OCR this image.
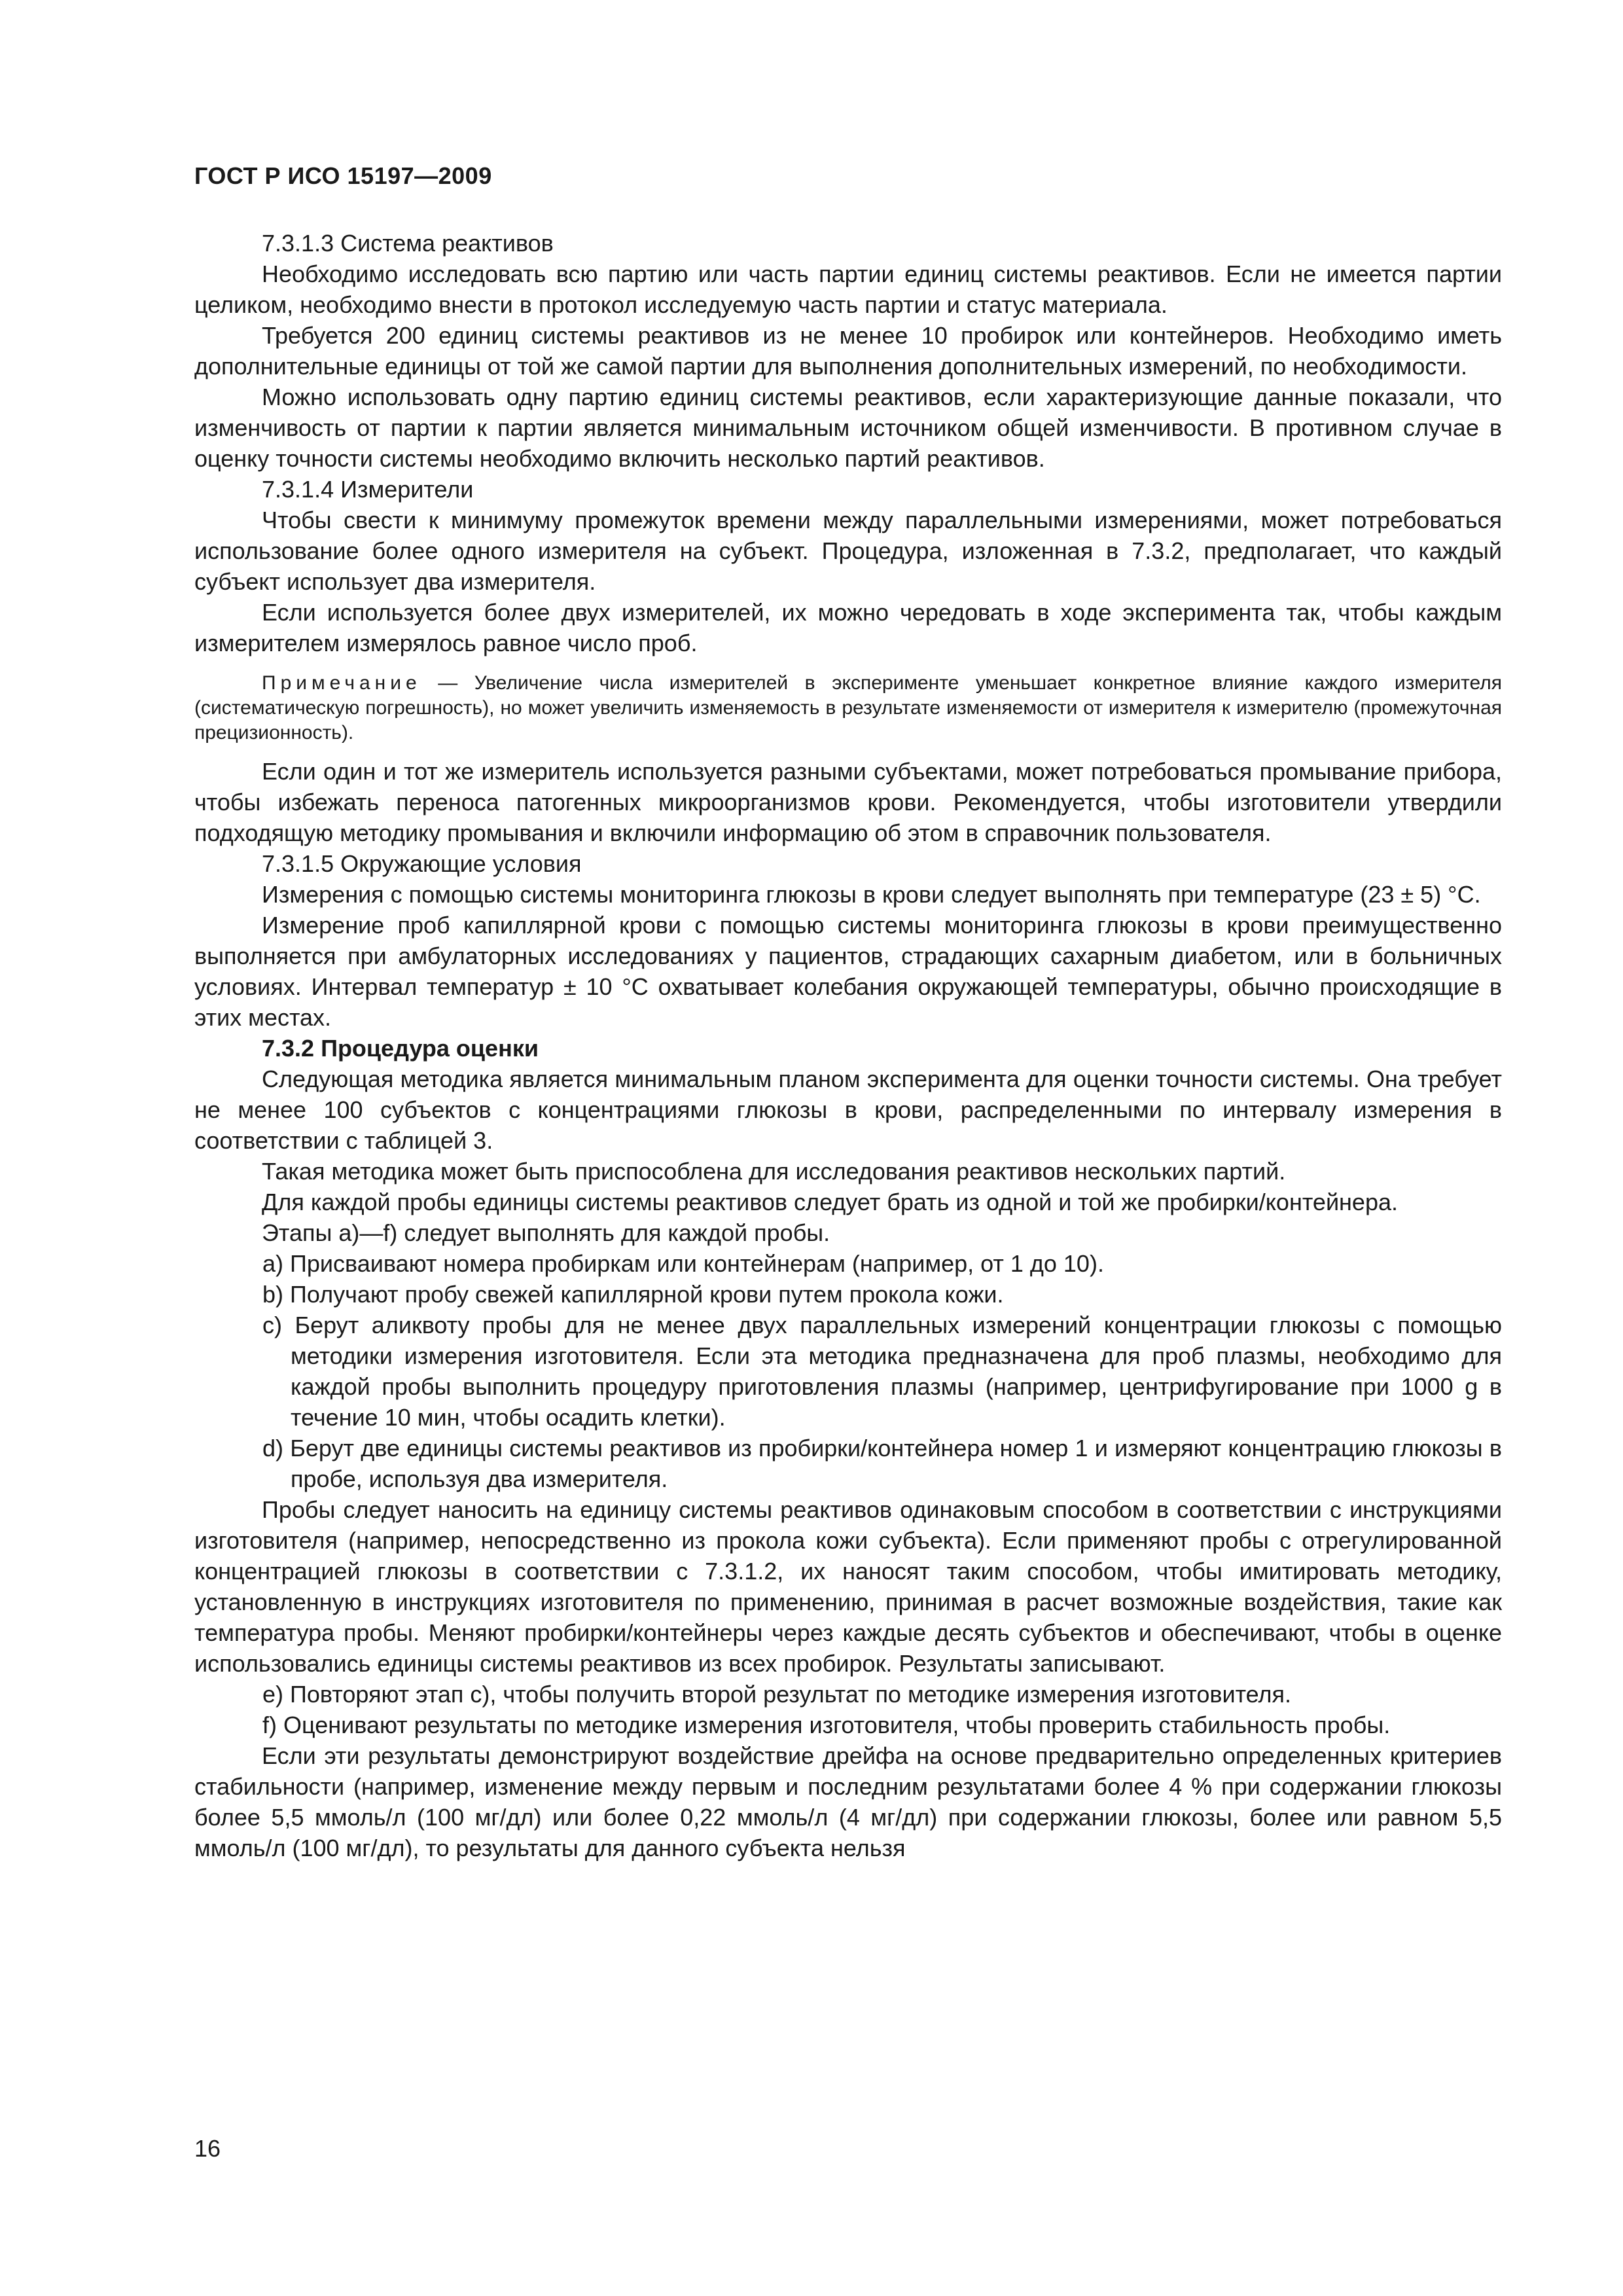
ГОСТ Р ИСО 15197—2009

7.3.1.3 Система реактивов

Необходимо исследовать всю партию или часть партии единиц системы реактивов. Если не имеется партии целиком, необходимо внести в протокол исследуемую часть партии и статус материала.

Требуется 200 единиц системы реактивов из не менее 10 пробирок или контейнеров. Необходимо иметь дополнительные единицы от той же самой партии для выполнения дополнительных измерений, по необходимости.

Можно использовать одну партию единиц системы реактивов, если характеризующие данные показали, что изменчивость от партии к партии является минимальным источником общей изменчивости. В противном случае в оценку точности системы необходимо включить несколько партий реактивов.

7.3.1.4 Измерители

Чтобы свести к минимуму промежуток времени между параллельными измерениями, может потребоваться использование более одного измерителя на субъект. Процедура, изложенная в 7.3.2, предполагает, что каждый субъект использует два измерителя.

Если используется более двух измерителей, их можно чередовать в ходе эксперимента так, чтобы каждым измерителем измерялось равное число проб.

Примечание — Увеличение числа измерителей в эксперименте уменьшает конкретное влияние каждого измерителя (систематическую погрешность), но может увеличить изменяемость в результате изменяемости от измерителя к измерителю (промежуточная прецизионность).

Если один и тот же измеритель используется разными субъектами, может потребоваться промывание прибора, чтобы избежать переноса патогенных микроорганизмов крови. Рекомендуется, чтобы изготовители утвердили подходящую методику промывания и включили информацию об этом в справочник пользователя.

7.3.1.5 Окружающие условия

Измерения с помощью системы мониторинга глюкозы в крови следует выполнять при температуре (23 ± 5) °С.

Измерение проб капиллярной крови с помощью системы мониторинга глюкозы в крови преимущественно выполняется при амбулаторных исследованиях у пациентов, страдающих сахарным диабетом, или в больничных условиях. Интервал температур ± 10 °С охватывает колебания окружающей температуры, обычно происходящие в этих местах.

7.3.2 Процедура оценки

Следующая методика является минимальным планом эксперимента для оценки точности системы. Она требует не менее 100 субъектов с концентрациями глюкозы в крови, распределенными по интервалу измерения в соответствии с таблицей 3.

Такая методика может быть приспособлена для исследования реактивов нескольких партий.

Для каждой пробы единицы системы реактивов следует брать из одной и той же пробирки/контейнера.

Этапы a)—f) следует выполнять для каждой пробы.

a) Присваивают номера пробиркам или контейнерам (например, от 1 до 10).

b) Получают пробу свежей капиллярной крови путем прокола кожи.

c) Берут аликвоту пробы для не менее двух параллельных измерений концентрации глюкозы с помощью методики измерения изготовителя. Если эта методика предназначена для проб плазмы, необходимо для каждой пробы выполнить процедуру приготовления плазмы (например, центрифугирование при 1000 g в течение 10 мин, чтобы осадить клетки).

d) Берут две единицы системы реактивов из пробирки/контейнера номер 1 и измеряют концентрацию глюкозы в пробе, используя два измерителя.

Пробы следует наносить на единицу системы реактивов одинаковым способом в соответствии с инструкциями изготовителя (например, непосредственно из прокола кожи субъекта). Если применяют пробы с отрегулированной концентрацией глюкозы в соответствии с 7.3.1.2, их наносят таким способом, чтобы имитировать методику, установленную в инструкциях изготовителя по применению, принимая в расчет возможные воздействия, такие как температура пробы. Меняют пробирки/контейнеры через каждые десять субъектов и обеспечивают, чтобы в оценке использовались единицы системы реактивов из всех пробирок. Результаты записывают.

e) Повторяют этап c), чтобы получить второй результат по методике измерения изготовителя.

f) Оценивают результаты по методике измерения изготовителя, чтобы проверить стабильность пробы.

Если эти результаты демонстрируют воздействие дрейфа на основе предварительно определенных критериев стабильности (например, изменение между первым и последним результатами более 4 % при содержании глюкозы более 5,5 ммоль/л (100 мг/дл) или более 0,22 ммоль/л (4 мг/дл) при содержании глюкозы, более или равном 5,5 ммоль/л (100 мг/дл), то результаты для данного субъекта нельзя

16
